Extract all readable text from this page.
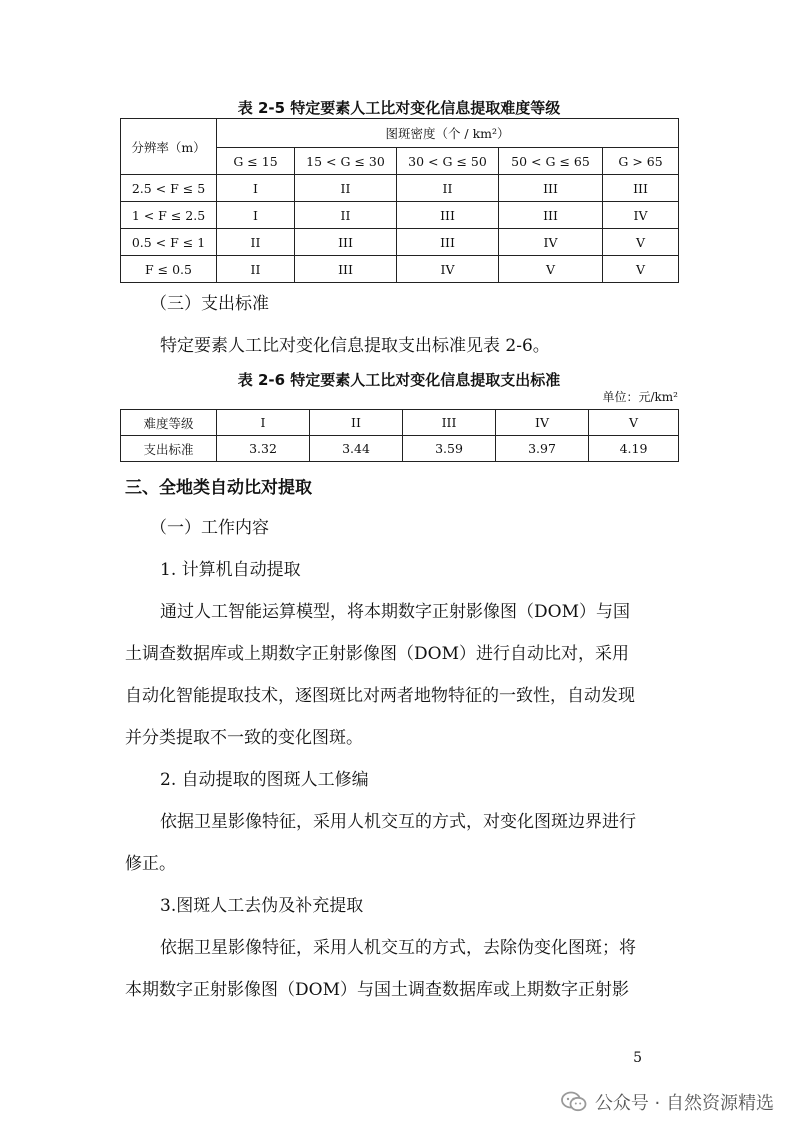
表 2-5 特定要素人工比对变化信息提取难度等级
分辨率（m）	图斑密度（个 / km²）				
	G ≤ 15	15 < G ≤ 30	30 < G ≤ 50	50 < G ≤ 65	G > 65
2.5 < F ≤ 5	I	II	II	III	III
1 < F ≤ 2.5	I	II	III	III	IV
0.5 < F ≤ 1	II	III	III	IV	V
F ≤ 0.5	II	III	IV	V	V

（三）支出标准

特定要素人工比对变化信息提取支出标准见表 2-6。

表 2-6 特定要素人工比对变化信息提取支出标准
单位：元/km²
难度等级	I	II	III	IV	V
支出标准	3.32	3.44	3.59	3.97	4.19

三、全地类自动比对提取

（一）工作内容

1. 计算机自动提取

通过人工智能运算模型，将本期数字正射影像图（DOM）与国

土调查数据库或上期数字正射影像图（DOM）进行自动比对，采用

自动化智能提取技术，逐图斑比对两者地物特征的一致性，自动发现

并分类提取不一致的变化图斑。

2. 自动提取的图斑人工修编

依据卫星影像特征，采用人机交互的方式，对变化图斑边界进行

修正。

3.图斑人工去伪及补充提取

依据卫星影像特征，采用人机交互的方式，去除伪变化图斑；将

本期数字正射影像图（DOM）与国土调查数据库或上期数字正射影

5
公众号 · 自然资源精选
